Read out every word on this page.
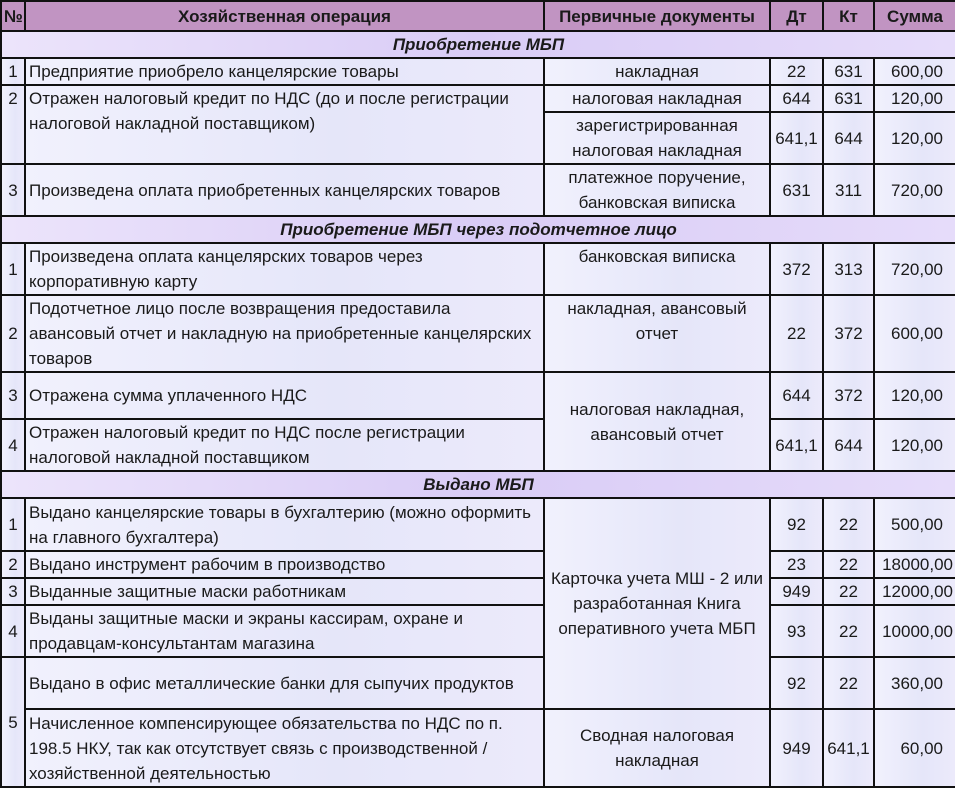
№	Хозяйственная операция	Первичные документы	Дт	Кт	Сумма
Приобретение МБП					
1	Предприятие приобрело канцелярские товары	накладная	22	631	600,00
2	Отражен налоговый кредит по НДС (до и после регистрации налоговой накладной поставщиком)	налоговая накладная	644	631	120,00
		зарегистрированная налоговая накладная	641,1	644	120,00
3	Произведена оплата приобретенных канцелярских товаров	платежное поручение, банковская виписка	631	311	720,00
Приобретение МБП через подотчетное лицо					
1	Произведена оплата канцелярских товаров через корпоративную карту	банковская виписка	372	313	720,00
2	Подотчетное лицо после возвращения предоставила авансовый отчет и накладную на приобретенные канцелярских товаров	накладная, авансовый отчет	22	372	600,00
3	Отражена сумма уплаченного НДС	налоговая накладная, авансовый отчет	644	372	120,00
4	Отражен налоговый кредит по НДС после регистрации налоговой накладной поставщиком		641,1	644	120,00
Выдано МБП					
1	Выдано канцелярские товары в бухгалтерию (можно оформить на главного бухгалтера)	Карточка учета МШ - 2 или разработанная Книга оперативного учета МБП	92	22	500,00
2	Выдано инструмент рабочим в производство		23	22	18000,00
3	Выданные защитные маски работникам		949	22	12000,00
4	Выданы защитные маски и экраны кассирам, охране и продавцам-консультантам магазина		93	22	10000,00
5	Выдано в офис металлические банки для сыпучих продуктов		92	22	360,00
	Начисленное компенсирующее обязательства по НДС по п. 198.5 НКУ, так как отсутствует связь с производственной / хозяйственной деятельностью	Сводная налоговая накладная	949	641,1	60,00
